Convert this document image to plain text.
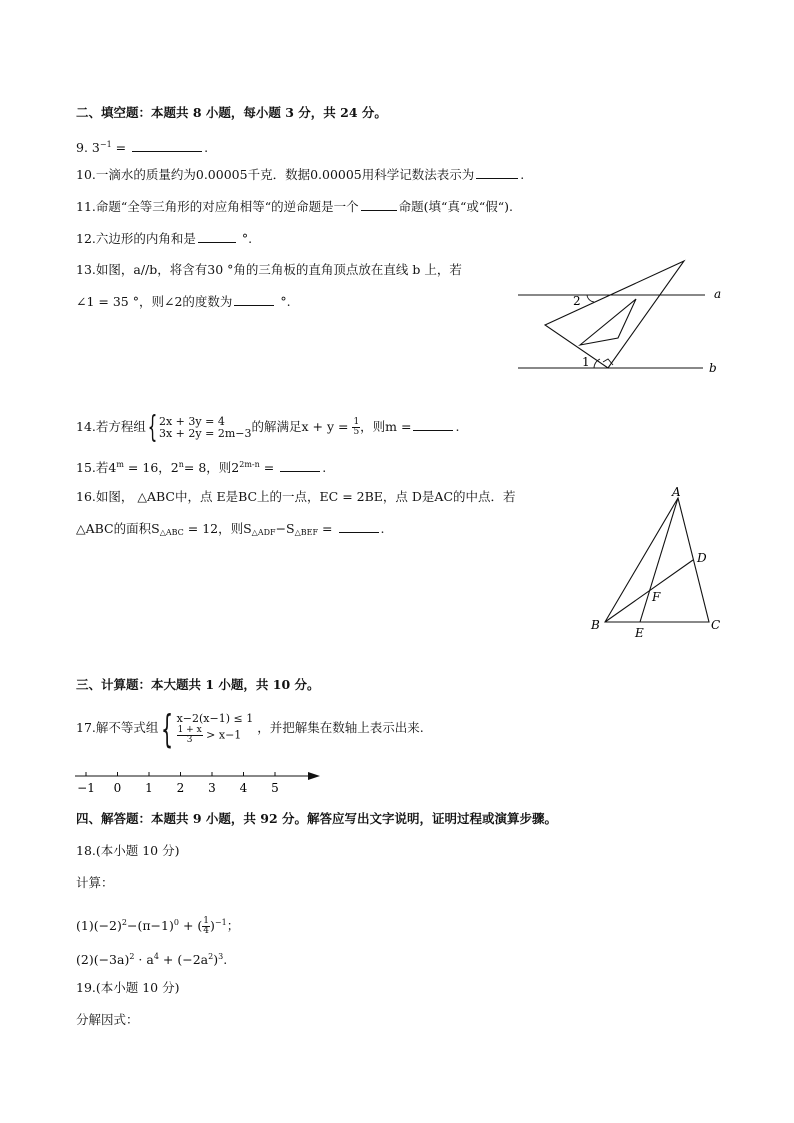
二、填空题：本题共 8 小题，每小题 3 分，共 24 分。
9. $3^{-1}$ =	.
10.一滴水的质量约为0.00005千克．数据0.00005用科学记数法表示为	.
11.命题“全等三角形的对应角相等“的逆命题是一个	命题(填“真“或“假“).
12.六边形的内角和是	°.
13.如图，a//b，将含有30 °角的三角板的直角顶点放在直线 b 上，若
∠1 = 35 °，则∠2的度数为	°.	a
b
1
2
14.若方程组 { 2x + 3y = 4
3x + 2y = 2m−3 的解满足$x + y = \frac{1}{5}$ ，则m =	.
15.若$4^m = 16$，$2^n= 8$，则$2^{2m-n}$ =	.
16.如图， △ABC中，点 E是BC上的一点，EC = 2BE，点 D是AC的中点．若
△ABC的面积$S_{\triangle ABC} = 12$，则$S_{\triangle ADF}-S_{\triangle BEF}$ =	.
A
B	C
D
E
F
三、计算题：本大题共 1 小题，共 10 分。
17.解不等式组 { x−2(x−1) ≤ 1
$\frac{1 + x}{3} > x-1$	，并把解集在数轴上表示出来.
−1 0 1 2 3 4 5
四、解答题：本题共 9 小题，共 92 分。解答应写出文字说明，证明过程或演算步骤。
18.(本小题 10 分)
计算：
$(1)(-2)^2-(\pi-1)^0$ + ( $\frac{1}{4} )^{-1}$；
$(2)(-3a)^2 \cdot a^4 + (-2a^2)^3$.
19.(本小题 10 分)
分解因式：
